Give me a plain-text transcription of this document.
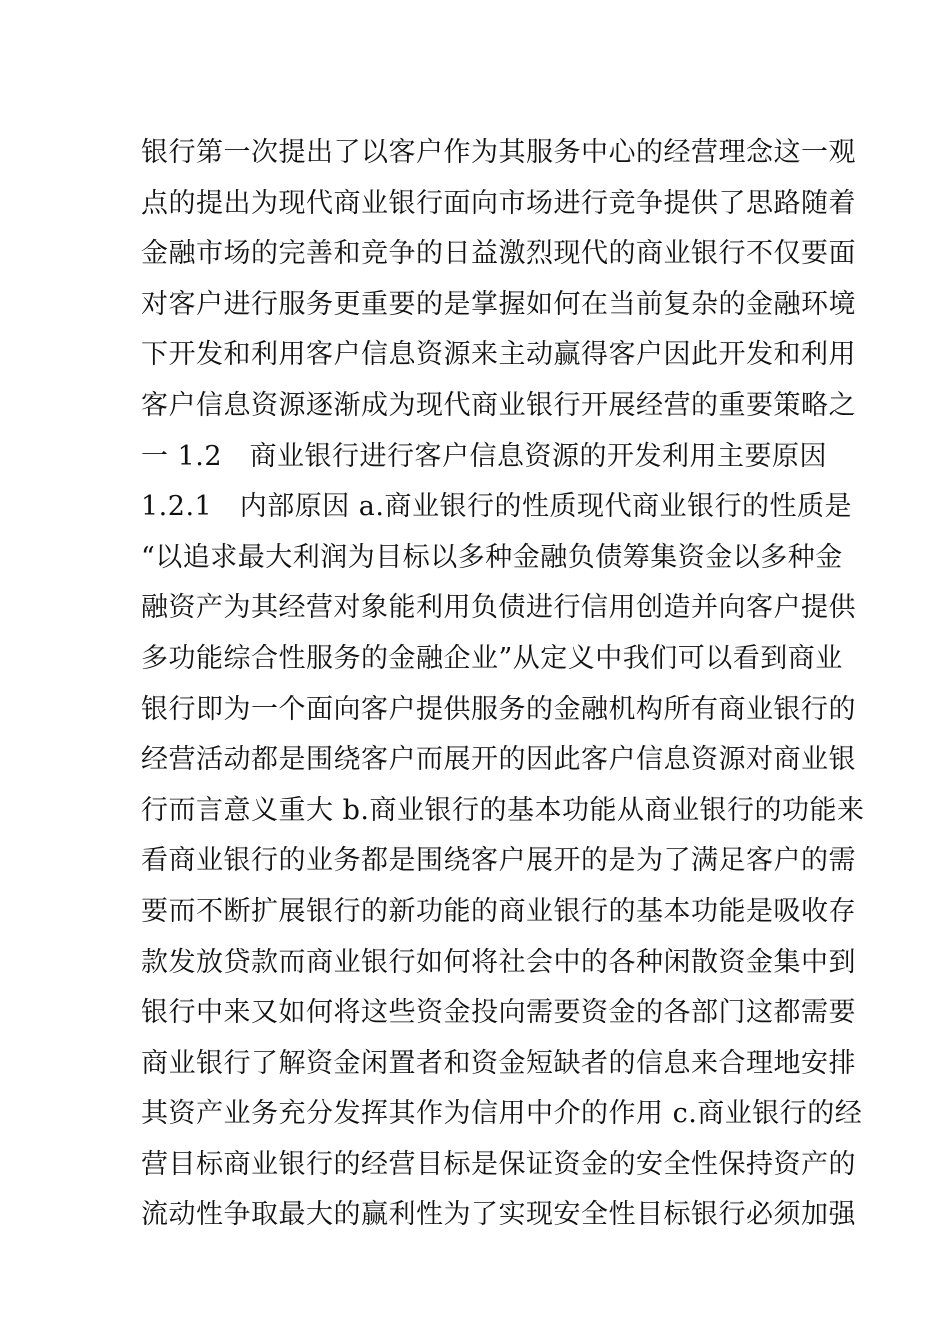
银行第一次提出了以客户作为其服务中心的经营理念这一观
点的提出为现代商业银行面向市场进行竞争提供了思路随着
金融市场的完善和竞争的日益激烈现代的商业银行不仅要面
对客户进行服务更重要的是掌握如何在当前复杂的金融环境
下开发和利用客户信息资源来主动赢得客户因此开发和利用
客户信息资源逐渐成为现代商业银行开展经营的重要策略之
一 1.2　商业银行进行客户信息资源的开发利用主要原因
1.2.1　内部原因 a.商业银行的性质现代商业银行的性质是
“以追求最大利润为目标以多种金融负债筹集资金以多种金
融资产为其经营对象能利用负债进行信用创造并向客户提供
多功能综合性服务的金融企业”从定义中我们可以看到商业
银行即为一个面向客户提供服务的金融机构所有商业银行的
经营活动都是围绕客户而展开的因此客户信息资源对商业银
行而言意义重大 b.商业银行的基本功能从商业银行的功能来
看商业银行的业务都是围绕客户展开的是为了满足客户的需
要而不断扩展银行的新功能的商业银行的基本功能是吸收存
款发放贷款而商业银行如何将社会中的各种闲散资金集中到
银行中来又如何将这些资金投向需要资金的各部门这都需要
商业银行了解资金闲置者和资金短缺者的信息来合理地安排
其资产业务充分发挥其作为信用中介的作用 c.商业银行的经
营目标商业银行的经营目标是保证资金的安全性保持资产的
流动性争取最大的赢利性为了实现安全性目标银行必须加强
